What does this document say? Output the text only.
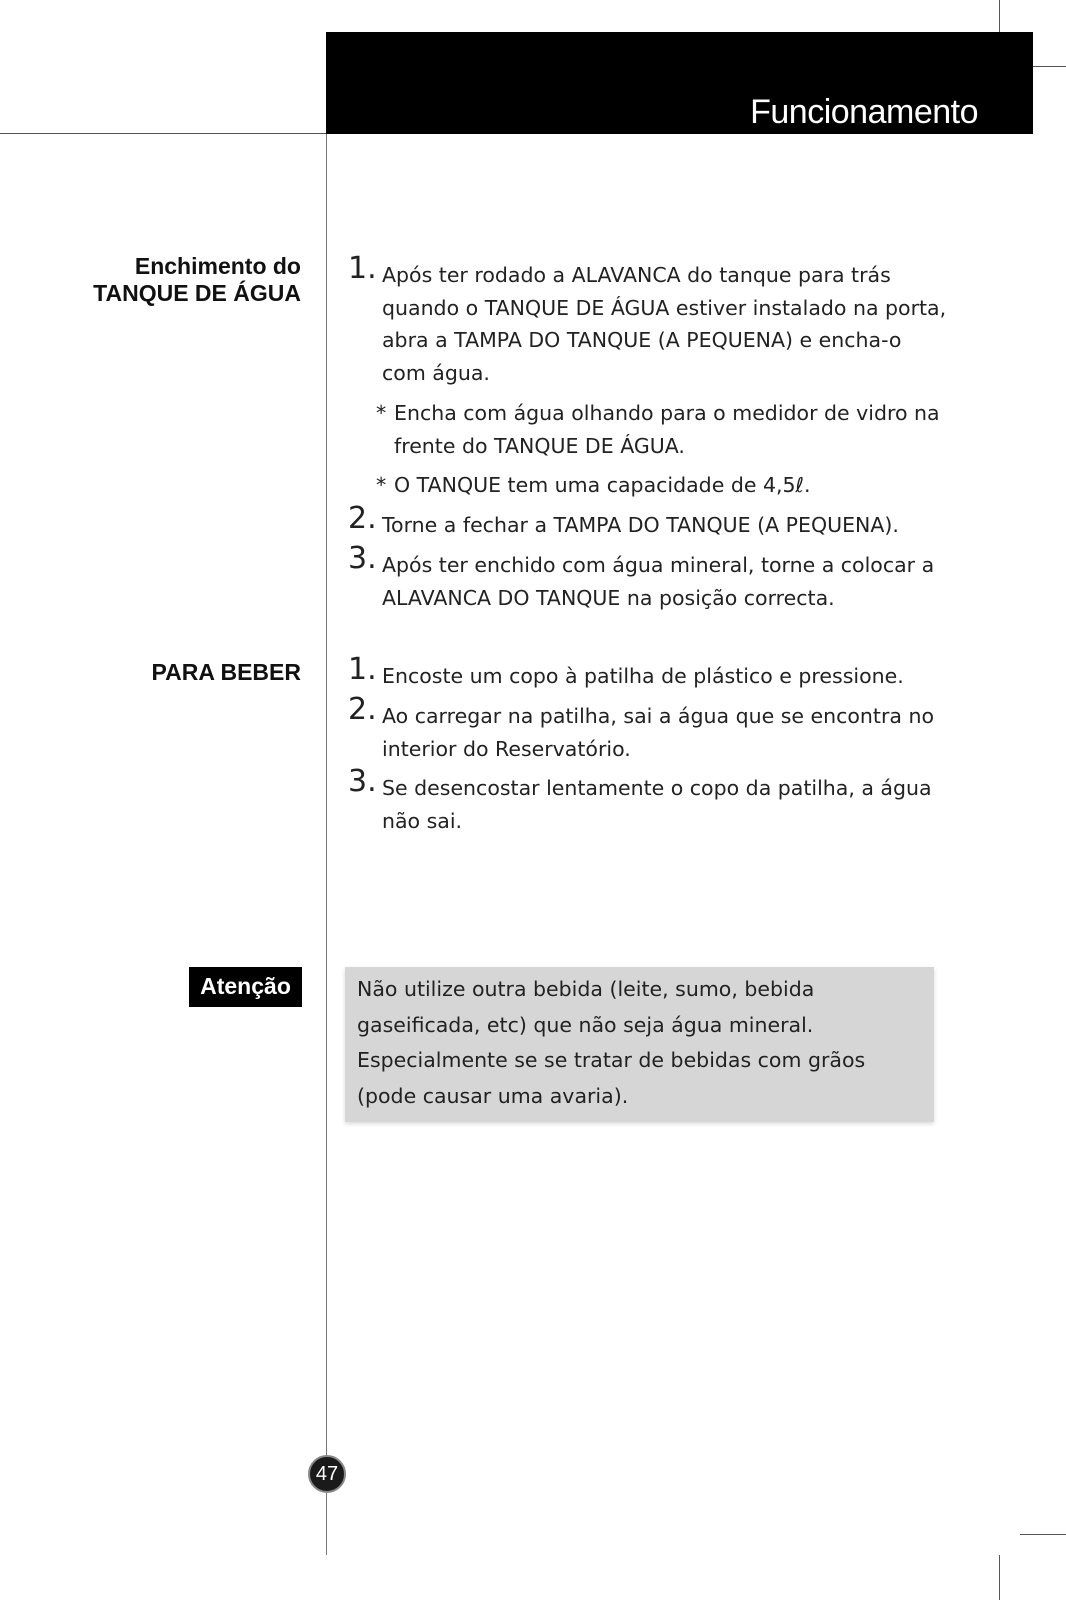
Funcionamento
Enchimento do
TANQUE DE ÁGUA
1. Após ter rodado a ALAVANCA do tanque para trás quando o TANQUE DE ÁGUA estiver instalado na porta, abra a TAMPA DO TANQUE (A PEQUENA) e encha-o com água.
* Encha com água olhando para o medidor de vidro na frente do TANQUE DE ÁGUA.
* O TANQUE tem uma capacidade de 4,5ℓ.
2. Torne a fechar a TAMPA DO TANQUE (A PEQUENA).
3. Após ter enchido com água mineral, torne a colocar a ALAVANCA DO TANQUE na posição correcta.
PARA BEBER 1. Encoste um copo à patilha de plástico e pressione.
2. Ao carregar na patilha, sai a água que se encontra no interior do Reservatório.
3. Se desencostar lentamente o copo da patilha, a água não sai.
Atenção	Não utilize outra bebida (leite, sumo, bebida gaseificada, etc) que não seja água mineral. Especialmente se se tratar de bebidas com grãos (pode causar uma avaria).
47
